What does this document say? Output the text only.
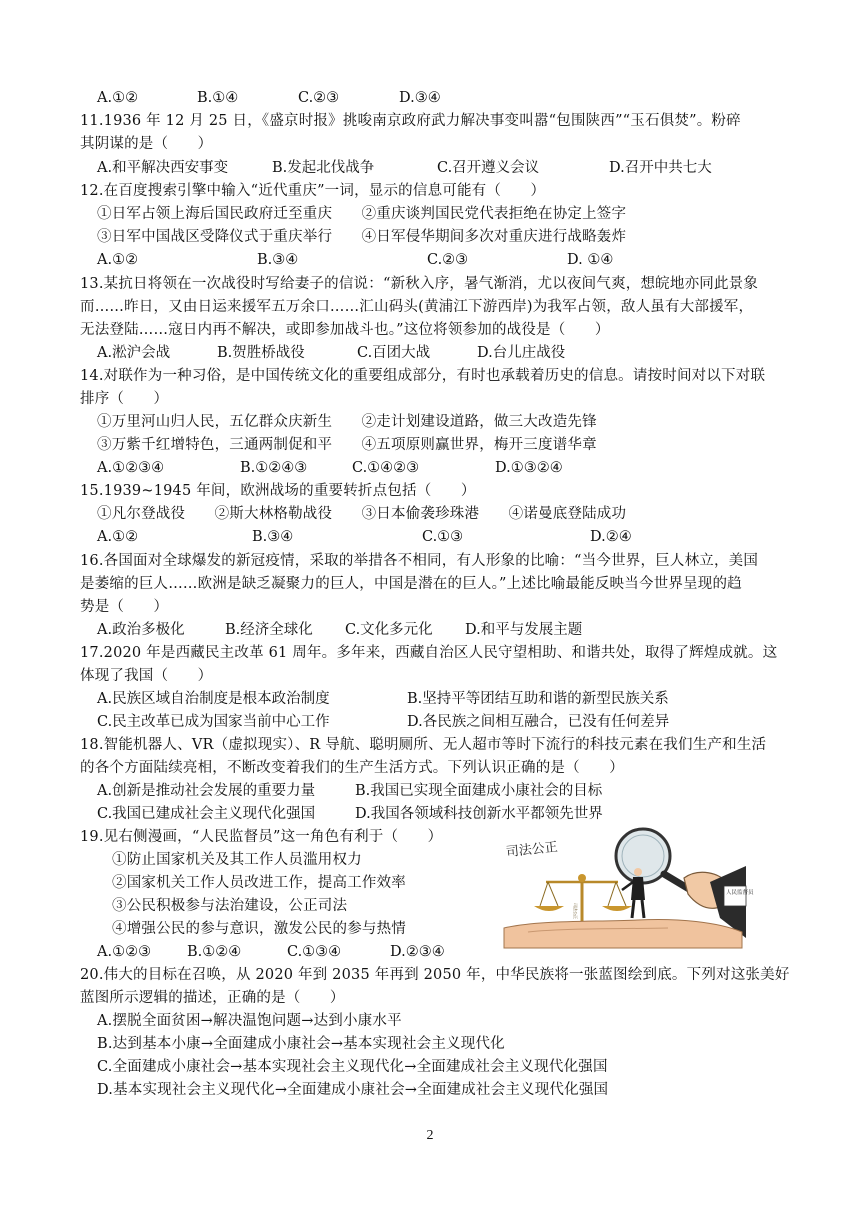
A.①②	B.①④	C.②③	D.③④
11.1936 年 12 月 25 日，《盛京时报》挑唆南京政府武力解决事变叫嚣“包围陕西”“玉石俱焚”。粉碎
其阴谋的是（　　）
A.和平解决西安事变	B.发起北伐战争	C.召开遵义会议	D.召开中共七大
12.在百度搜索引擎中输入“近代重庆”一词，显示的信息可能有（　　）
①日军占领上海后国民政府迁至重庆　　②重庆谈判国民党代表拒绝在协定上签字
③日军中国战区受降仪式于重庆举行　　④日军侵华期间多次对重庆进行战略轰炸
A.①②	B.③④	C.②③	D. ①④
13.某抗日将领在一次战役时写给妻子的信说：“新秋入序，暑气渐消，尤以夜间气爽，想皖地亦同此景象
而……昨日，又由日运来援军五万余口……汇山码头(黄浦江下游西岸)为我军占领，敌人虽有大部援军，
无法登陆……寇日内再不解决，或即参加战斗也。”这位将领参加的战役是（　　）
A.淞沪会战	B.贺胜桥战役	C.百团大战	D.台儿庄战役
14.对联作为一种习俗，是中国传统文化的重要组成部分，有时也承载着历史的信息。请按时间对以下对联
排序（　　）
①万里河山归人民，五亿群众庆新生　　②走计划建设道路，做三大改造先锋
③万紫千红增特色，三通两制促和平　　④五项原则赢世界，梅开三度谱华章
A.①②③④	B.①②④③	C.①④②③	D.①③②④
15.1939~1945 年间，欧洲战场的重要转折点包括（　　）
①凡尔登战役　　②斯大林格勒战役　　③日本偷袭珍珠港　　④诺曼底登陆成功
A.①②	B.③④	C.①③	D.②④
16.各国面对全球爆发的新冠疫情，采取的举措各不相同，有人形象的比喻：“当今世界，巨人林立，美国
是萎缩的巨人……欧洲是缺乏凝聚力的巨人，中国是潜在的巨人。”上述比喻最能反映当今世界呈现的趋
势是（　　）
A.政治多极化	B.经济全球化 C.文化多元化 D.和平与发展主题
17.2020 年是西藏民主改革 61 周年。多年来，西藏自治区人民守望相助、和谐共处，取得了辉煌成就。这
体现了我国（　　）
A.民族区域自治制度是根本政治制度	B.坚持平等团结互助和谐的新型民族关系
C.民主改革已成为国家当前中心工作	D.各民族之间相互融合，已没有任何差异
18.智能机器人、VR（虚拟现实）、R 导航、聪明厕所、无人超市等时下流行的科技元素在我们生产和生活
的各个方面陆续亮相，不断改变着我们的生产生活方式。下列认识正确的是（　　）
A.创新是推动社会发展的重要力量	B.我国已实现全面建成小康社会的目标
C.我国已建成社会主义现代化强国	D.我国各领域科技创新水平都领先世界
19.见右侧漫画，“人民监督员”这一角色有利于（　　）
①防止国家机关及其工作人员滥用权力
②国家机关工作人员改进工作，提高工作效率
③公民积极参与法治建设，公正司法
④增强公民的参与意识，激发公民的参与热情
A.①②③ B.①②④	C.①③④	D.②③④
司法公正
人民监督员
司法公正
20.伟大的目标在召唤，从 2020 年到 2035 年再到 2050 年，中华民族将一张蓝图绘到底。下列对这张美好
蓝图所示逻辑的描述，正确的是（　　）
A.摆脱全面贫困→解决温饱问题→达到小康水平
B.达到基本小康→全面建成小康社会→基本实现社会主义现代化
C.全面建成小康社会→基本实现社会主义现代化→全面建成社会主义现代化强国
D.基本实现社会主义现代化→全面建成小康社会→全面建成社会主义现代化强国
2
